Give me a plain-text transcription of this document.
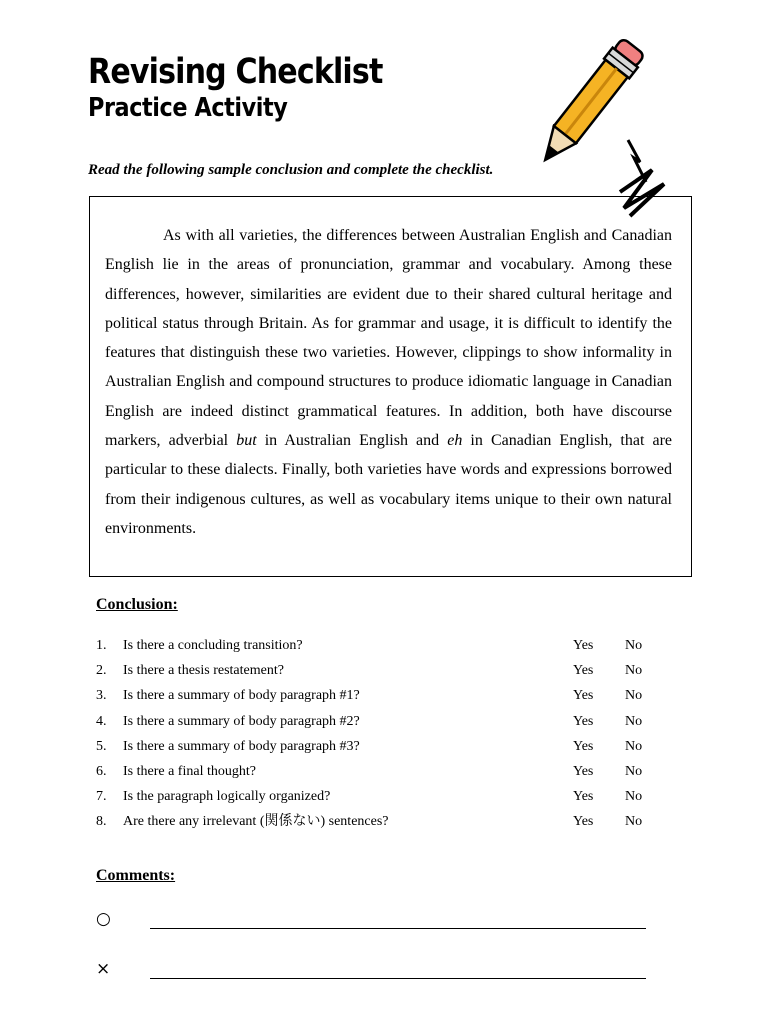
Revising Checklist
Practice Activity
Read the following sample conclusion and complete the checklist.

As with all varieties, the differences between Australian English and Canadian English lie in the areas of pronunciation, grammar and vocabulary. Among these differences, however, similarities are evident due to their shared cultural heritage and political status through Britain. As for grammar and usage, it is difficult to identify the features that distinguish these two varieties. However, clippings to show informality in Australian English and compound structures to produce idiomatic language in Canadian English are indeed distinct grammatical features. In addition, both have discourse markers, adverbial but in Australian English and eh in Canadian English, that are particular to these dialects. Finally, both varieties have words and expressions borrowed from their indigenous cultures, as well as vocabulary items unique to their own natural environments.

Conclusion:
1. Is there a concluding transition?	Yes No
2. Is there a thesis restatement?	Yes No
3. Is there a summary of body paragraph #1?	Yes No
4. Is there a summary of body paragraph #2?	Yes No
5. Is there a summary of body paragraph #3?	Yes No
6. Is there a final thought?	Yes No
7. Is the paragraph logically organized?	Yes No
8. Are there any irrelevant (関係ない) sentences?	Yes No
Comments:
○
×
